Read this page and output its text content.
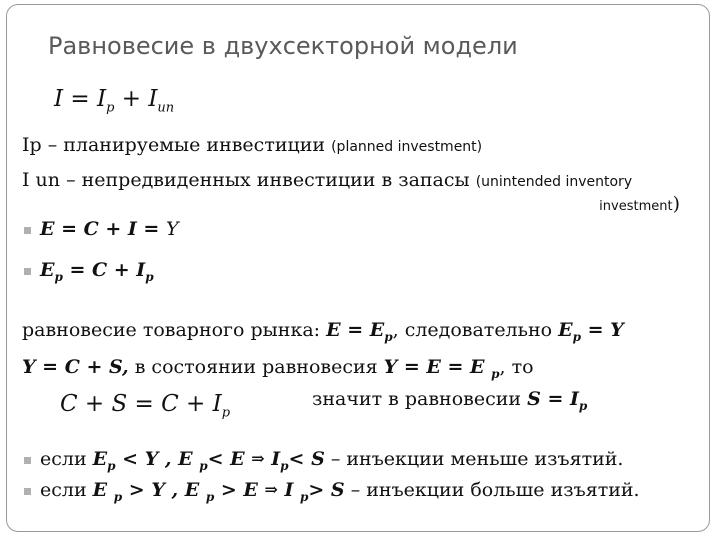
Равновесие в двухсекторной модели
$I = I_p + I_{un}$
Ip – планируемые инвестиции (planned investment)
I un – непредвиденных инвестиции в запасы (unintended inventory
investment)
E = C + I = Y
$E_p = C + I_p$
равновесие товарного рынка: $E = E_p$, следовательно $E_p = Y$
Y = C + S, в состоянии равновесия Y = E = E $_p$, то
$C + S = C + I_p$
значит в равновесии $S = I_p$
если $E_p < Y$ , E $_p$< E ⇒ $I_p< S$ – инъекции меньше изъятий.
если E $_p$ > Y , E $_p$ > E ⇒ I $_p$> S – инъекции больше изъятий.
